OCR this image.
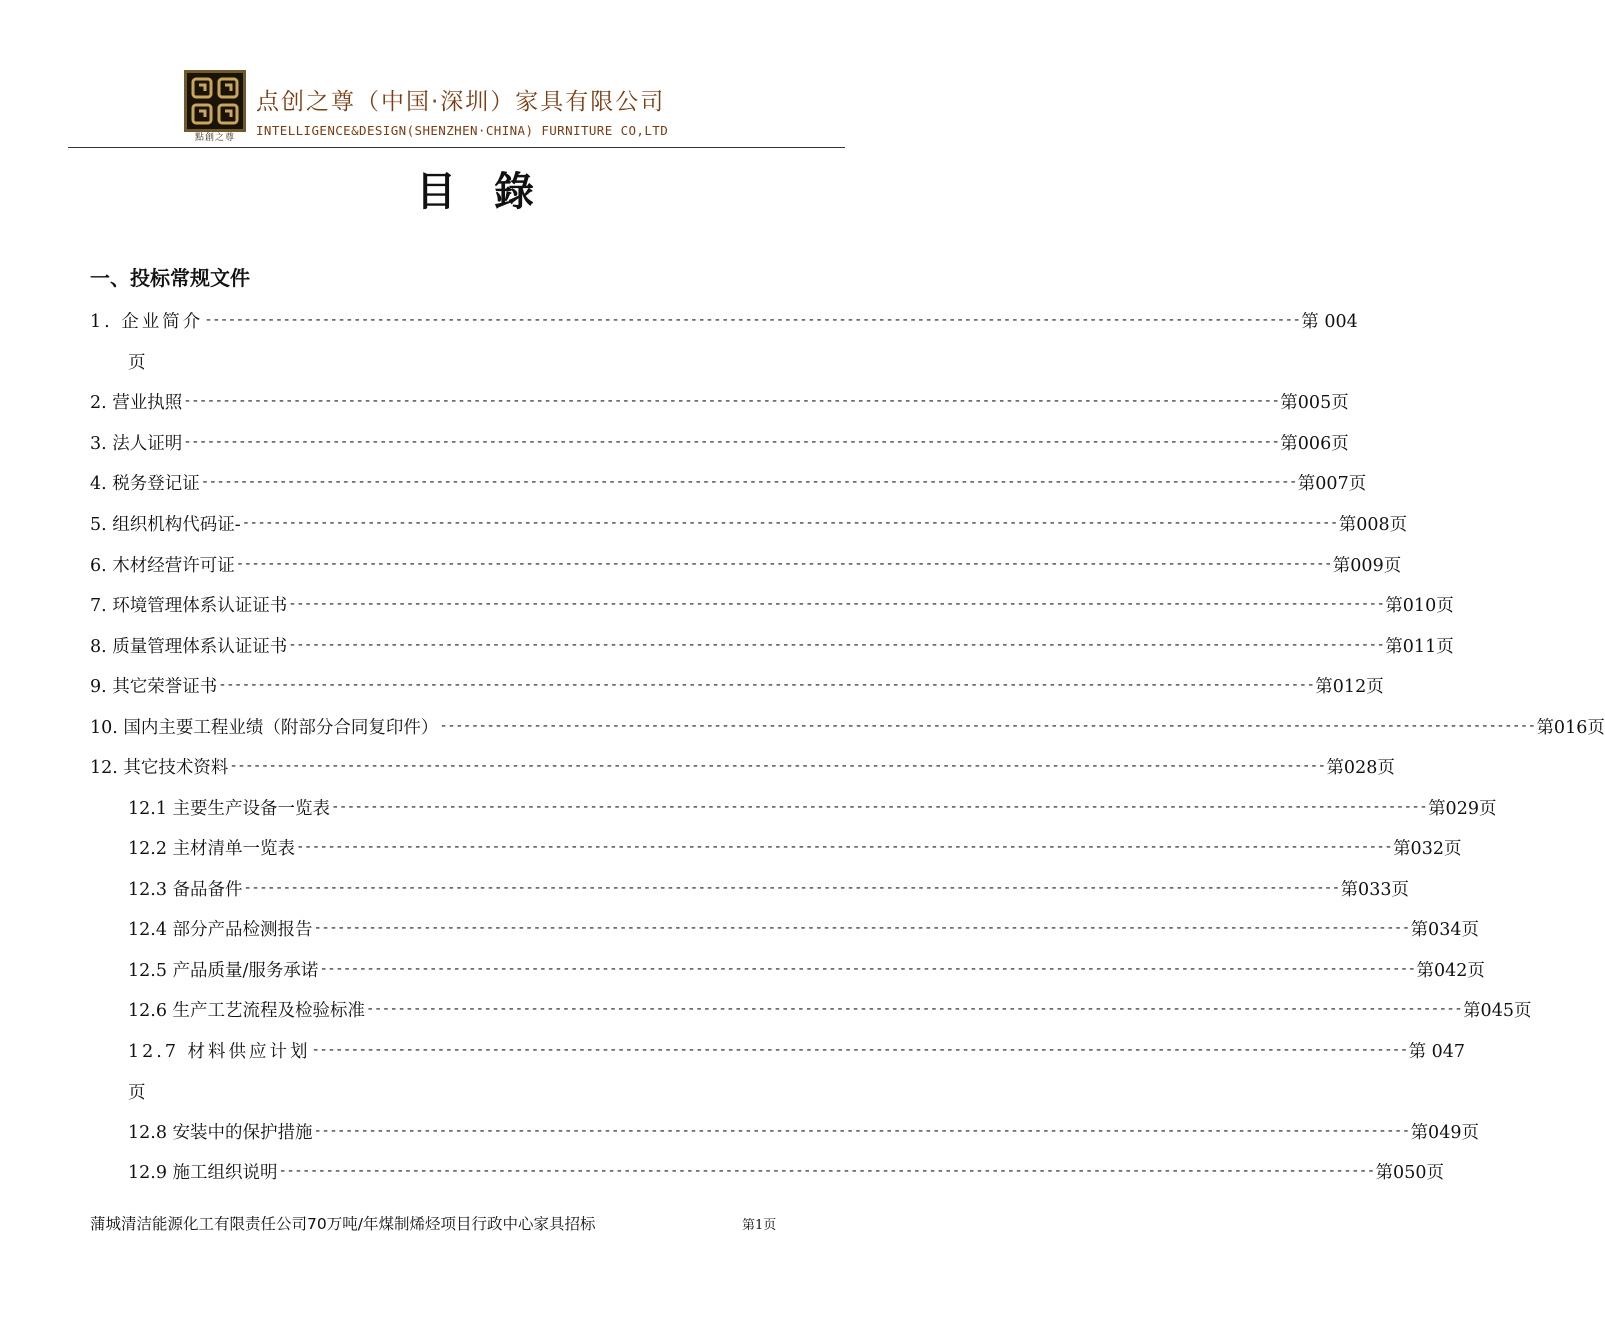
點創之尊
点创之尊（中国·深圳）家具有限公司
INTELLIGENCE&DESIGN(SHENZHEN·CHINA) FURNITURE CO,LTD
目錄
一、投标常规文件
1. 企业简介 -------------------------------------------------------------------------------------------------------------------------------------------- 第 004
页
2. 营业执照 -------------------------------------------------------------------------------------------------------------------------------------------- 第005页
3. 法人证明 -------------------------------------------------------------------------------------------------------------------------------------------- 第006页
4. 税务登记证 -------------------------------------------------------------------------------------------------------------------------------------------- 第007页
5. 组织机构代码证- -------------------------------------------------------------------------------------------------------------------------------------------- 第008页
6. 木材经营许可证 -------------------------------------------------------------------------------------------------------------------------------------------- 第009页
7. 环境管理体系认证证书 -------------------------------------------------------------------------------------------------------------------------------------------- 第010页
8. 质量管理体系认证证书 -------------------------------------------------------------------------------------------------------------------------------------------- 第011页
9. 其它荣誉证书 -------------------------------------------------------------------------------------------------------------------------------------------- 第012页
10. 国内主要工程业绩（附部分合同复印件） -------------------------------------------------------------------------------------------------------------------------------------------- 第016页
12. 其它技术资料 -------------------------------------------------------------------------------------------------------------------------------------------- 第028页
12.1 主要生产设备一览表 -------------------------------------------------------------------------------------------------------------------------------------------- 第029页
12.2 主材清单一览表 -------------------------------------------------------------------------------------------------------------------------------------------- 第032页
12.3 备品备件 -------------------------------------------------------------------------------------------------------------------------------------------- 第033页
12.4 部分产品检测报告 -------------------------------------------------------------------------------------------------------------------------------------------- 第034页
12.5 产品质量/服务承诺 -------------------------------------------------------------------------------------------------------------------------------------------- 第042页
12.6 生产工艺流程及检验标准 -------------------------------------------------------------------------------------------------------------------------------------------- 第045页
12.7 材料供应计划 -------------------------------------------------------------------------------------------------------------------------------------------- 第 047
页
12.8 安装中的保护措施 -------------------------------------------------------------------------------------------------------------------------------------------- 第049页
12.9 施工组织说明 -------------------------------------------------------------------------------------------------------------------------------------------- 第050页
蒲城清洁能源化工有限责任公司70万吨/年煤制烯烃项目行政中心家具招标	第1页
